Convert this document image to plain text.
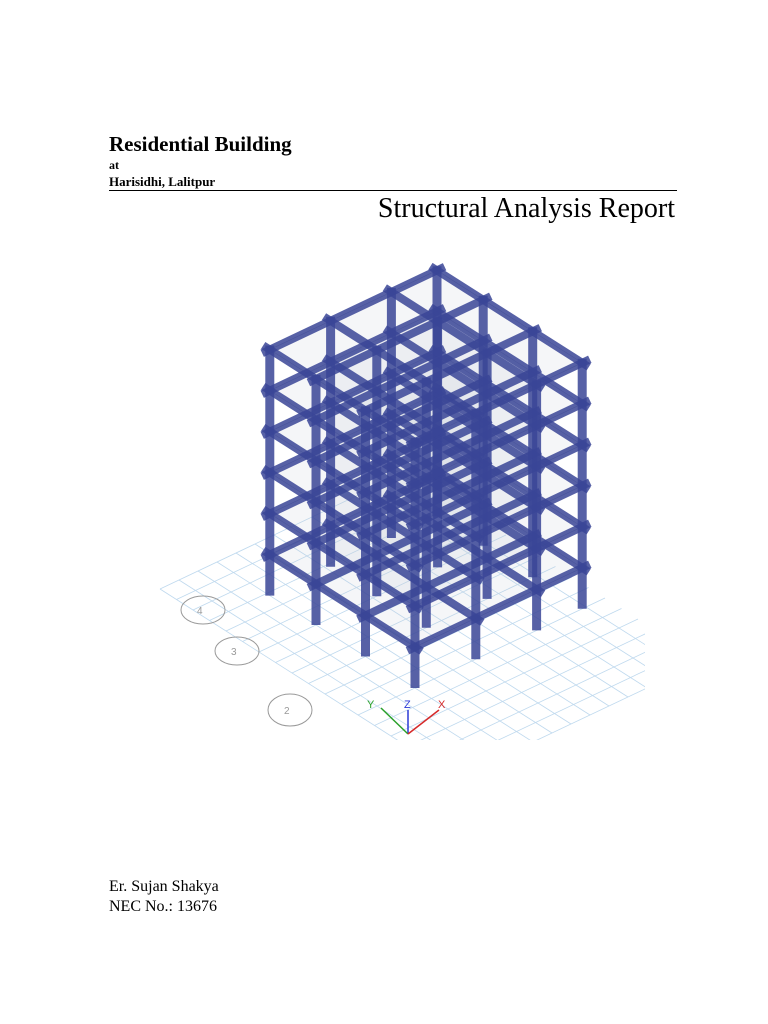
Residential Building
at
Harisidhi, Lalitpur
Structural Analysis Report
4
3
2
Z
Y	X
Er. Sujan Shakya
NEC No.: 13676
